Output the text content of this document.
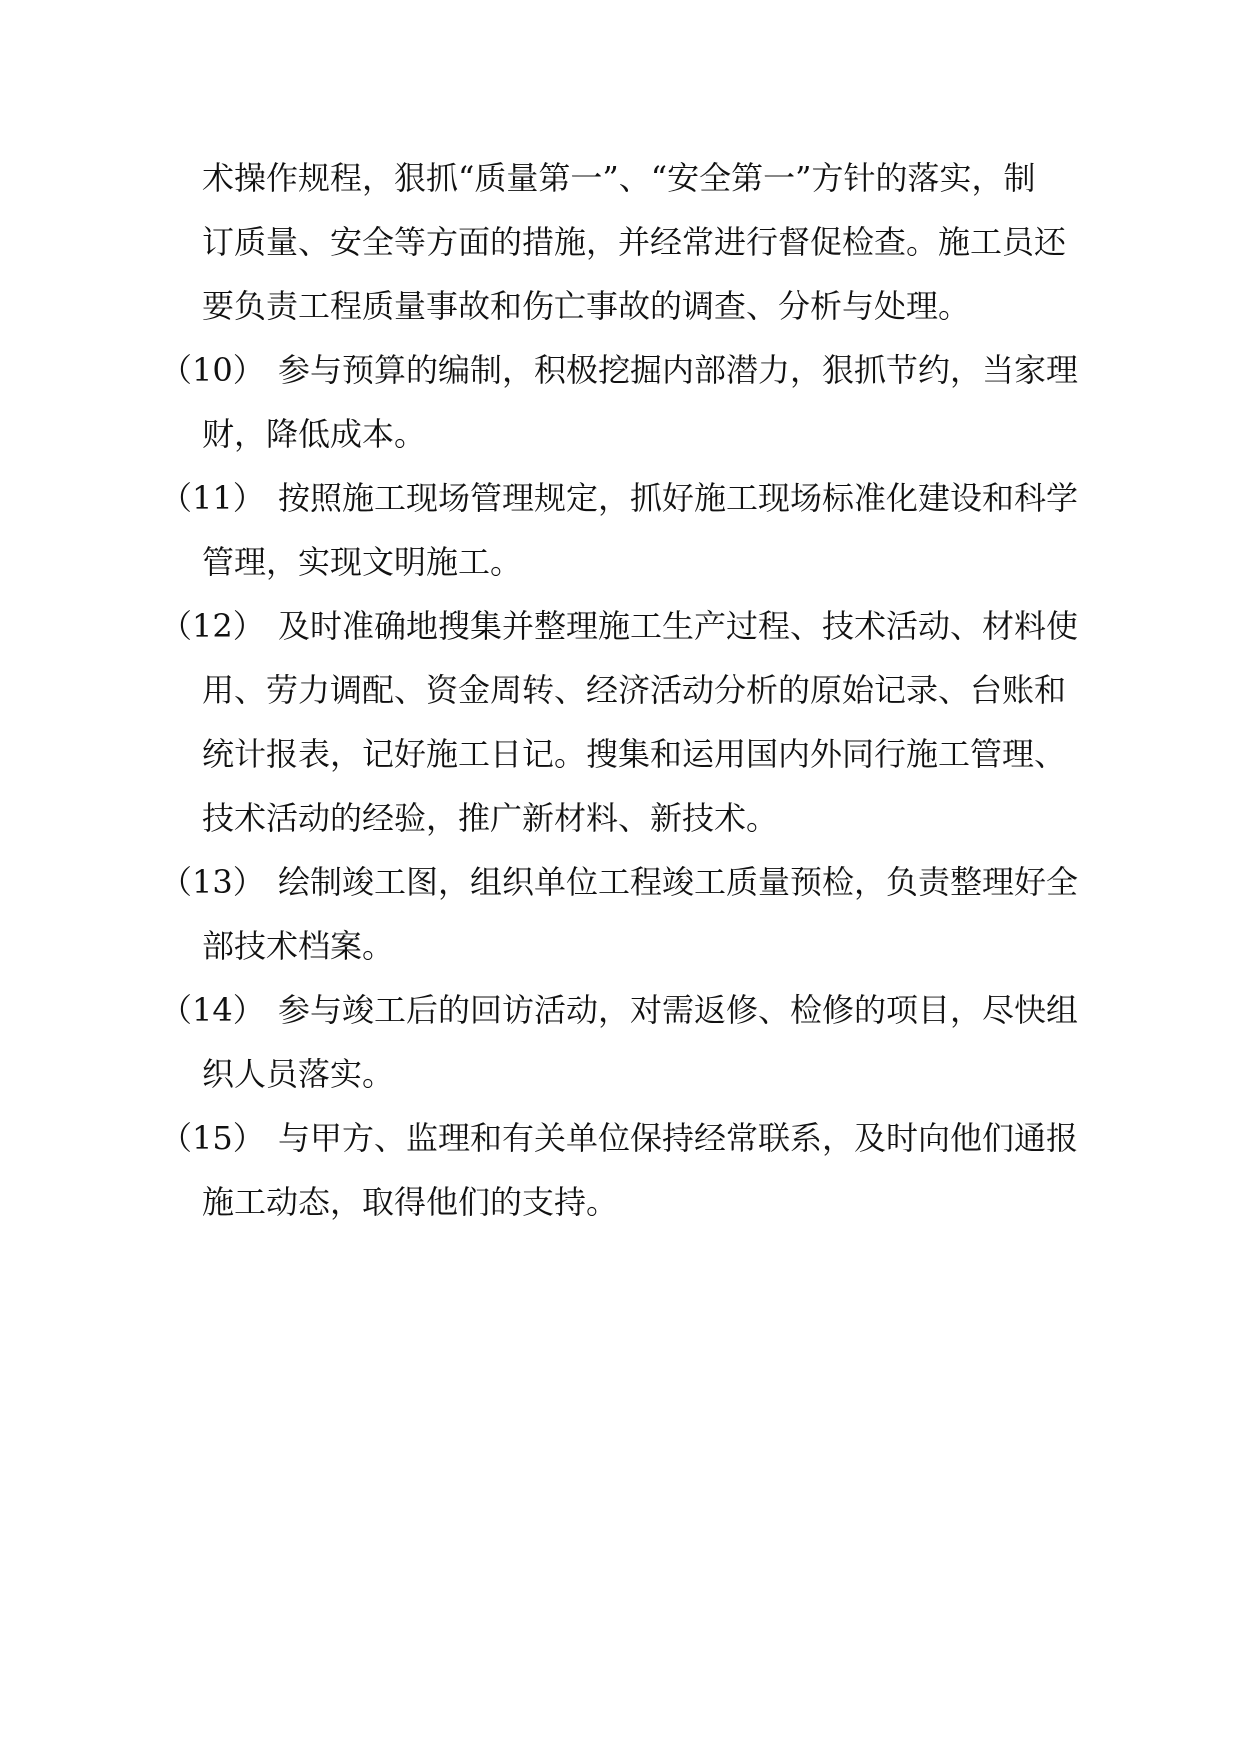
术操作规程，狠抓“质量第一”、“安全第一”方针的落实，制
订质量、安全等方面的措施，并经常进行督促检查。施工员还
要负责工程质量事故和伤亡事故的调查、分析与处理。
（10） 参与预算的编制，积极挖掘内部潜力，狠抓节约，当家理
财，降低成本。
（11） 按照施工现场管理规定，抓好施工现场标准化建设和科学
管理，实现文明施工。
（12） 及时准确地搜集并整理施工生产过程、技术活动、材料使
用、劳力调配、资金周转、经济活动分析的原始记录、台账和
统计报表，记好施工日记。搜集和运用国内外同行施工管理、
技术活动的经验，推广新材料、新技术。
（13） 绘制竣工图，组织单位工程竣工质量预检，负责整理好全
部技术档案。
（14） 参与竣工后的回访活动，对需返修、检修的项目，尽快组
织人员落实。
（15） 与甲方、监理和有关单位保持经常联系，及时向他们通报
施工动态，取得他们的支持。
